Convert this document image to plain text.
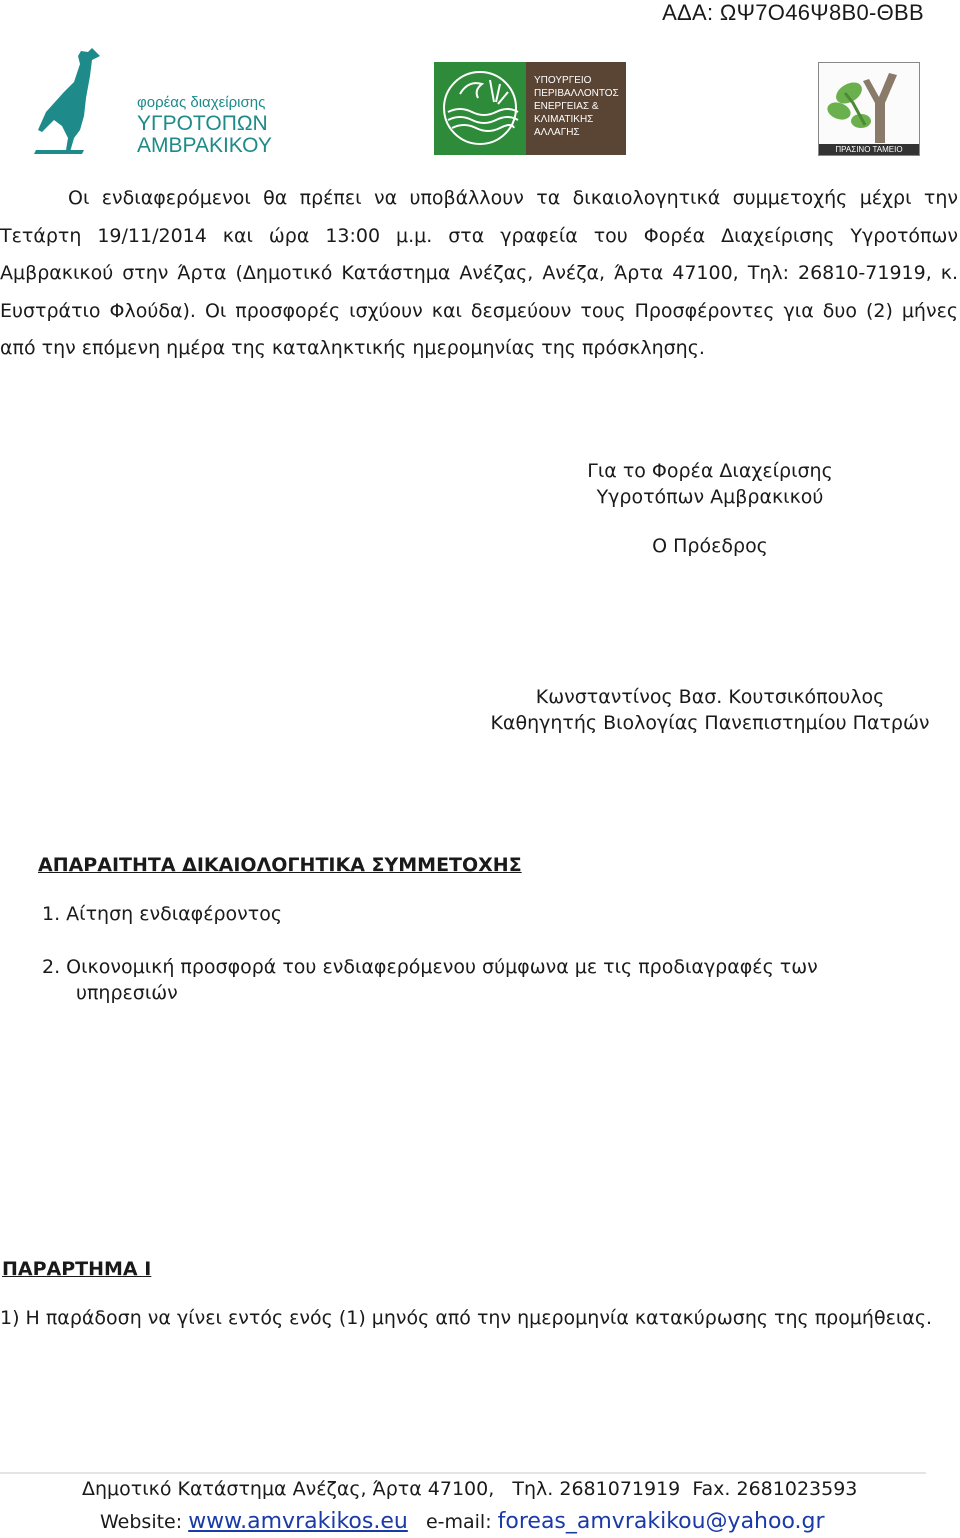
ΑΔΑ: ΩΨ7Ο46Ψ8Β0-ΘΒΒ
φορέας διαχείρισης
ΥΓΡΟΤΟΠΩΝ
ΑΜΒΡΑΚΙΚΟΥ
ΥΠΟΥΡΓΕΙΟ
ΠΕΡΙΒΑΛΛΟΝΤΟΣ
ΕΝΕΡΓΕΙΑΣ &
ΚΛΙΜΑΤΙΚΗΣ
ΑΛΛΑΓΗΣ
ΠΡΑΣΙΝΟ ΤΑΜΕΙΟ

Οι ενδιαφερόμενοι θα πρέπει να υποβάλλουν τα δικαιολογητικά συμμετοχής μέχρι την Τετάρτη 19/11/2014 και ώρα 13:00 μ.μ. στα γραφεία του Φορέα Διαχείρισης Υγροτόπων Αμβρακικού στην Άρτα (Δημοτικό Κατάστημα Ανέζας, Ανέζα, Άρτα 47100, Τηλ: 26810-71919, κ. Ευστράτιο Φλούδα). Οι προσφορές ισχύουν και δεσμεύουν τους Προσφέροντες για δυο (2) μήνες από την επόμενη ημέρα της καταληκτικής ημερομηνίας της πρόσκλησης.

Για το Φορέα Διαχείρισης
Υγροτόπων Αμβρακικού
Ο Πρόεδρος
Κωνσταντίνος Βασ. Κουτσικόπουλος
Καθηγητής Βιολογίας Πανεπιστημίου Πατρών
ΑΠΑΡΑΙΤΗΤΑ ΔΙΚΑΙΟΛΟΓΗΤΙΚΑ ΣΥΜΜΕΤΟΧΗΣ
1. Αίτηση ενδιαφέροντος
2. Οικονομική προσφορά του ενδιαφερόμενου σύμφωνα με τις προδιαγραφές των
υπηρεσιών
ΠΑΡΑΡΤΗΜΑ Ι
1) Η παράδοση να γίνει εντός ενός (1) μηνός από την ημερομηνία κατακύρωσης της προμήθειας.
Δημοτικό Κατάστημα Ανέζας, Άρτα 47100, Τηλ. 2681071919 Fax. 2681023593
Website: www.amvrakikos.eu e-mail: foreas_amvrakikou@yahoo.gr
